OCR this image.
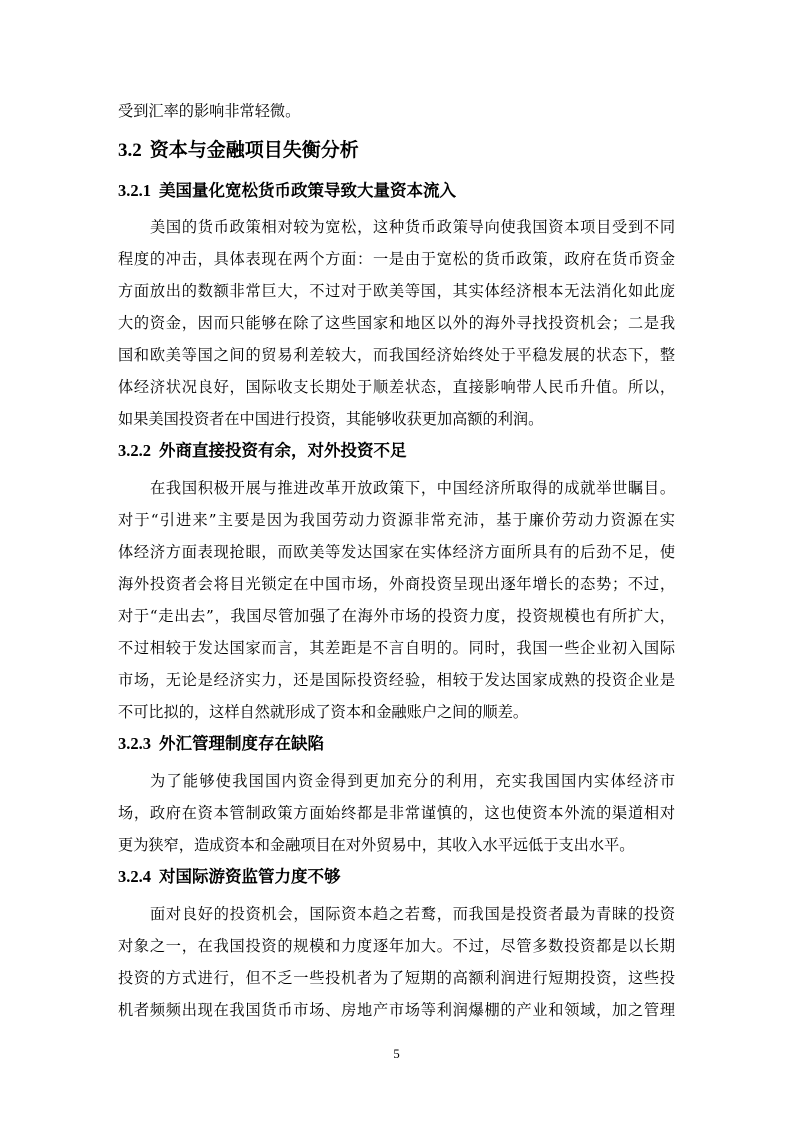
受到汇率的影响非常轻微。
3.2 资本与金融项目失衡分析
3.2.1 美国量化宽松货币政策导致大量资本流入
美国的货币政策相对较为宽松，这种货币政策导向使我国资本项目受到不同
程度的冲击，具体表现在两个方面：一是由于宽松的货币政策，政府在货币资金
方面放出的数额非常巨大，不过对于欧美等国，其实体经济根本无法消化如此庞
大的资金，因而只能够在除了这些国家和地区以外的海外寻找投资机会；二是我
国和欧美等国之间的贸易利差较大，而我国经济始终处于平稳发展的状态下，整
体经济状况良好，国际收支长期处于顺差状态，直接影响带人民币升值。所以，
如果美国投资者在中国进行投资，其能够收获更加高额的利润。
3.2.2 外商直接投资有余，对外投资不足
在我国积极开展与推进改革开放政策下，中国经济所取得的成就举世瞩目。
对于“引进来”主要是因为我国劳动力资源非常充沛，基于廉价劳动力资源在实
体经济方面表现抢眼，而欧美等发达国家在实体经济方面所具有的后劲不足，使
海外投资者会将目光锁定在中国市场，外商投资呈现出逐年增长的态势；不过，
对于“走出去”，我国尽管加强了在海外市场的投资力度，投资规模也有所扩大，
不过相较于发达国家而言，其差距是不言自明的。同时，我国一些企业初入国际
市场，无论是经济实力，还是国际投资经验，相较于发达国家成熟的投资企业是
不可比拟的，这样自然就形成了资本和金融账户之间的顺差。
3.2.3 外汇管理制度存在缺陷
为了能够使我国国内资金得到更加充分的利用，充实我国国内实体经济市
场，政府在资本管制政策方面始终都是非常谨慎的，这也使资本外流的渠道相对
更为狭窄，造成资本和金融项目在对外贸易中，其收入水平远低于支出水平。
3.2.4 对国际游资监管力度不够
面对良好的投资机会，国际资本趋之若鹜，而我国是投资者最为青睐的投资
对象之一，在我国投资的规模和力度逐年加大。不过，尽管多数投资都是以长期
投资的方式进行，但不乏一些投机者为了短期的高额利润进行短期投资，这些投
机者频频出现在我国货币市场、房地产市场等利润爆棚的产业和领域，加之管理
5
